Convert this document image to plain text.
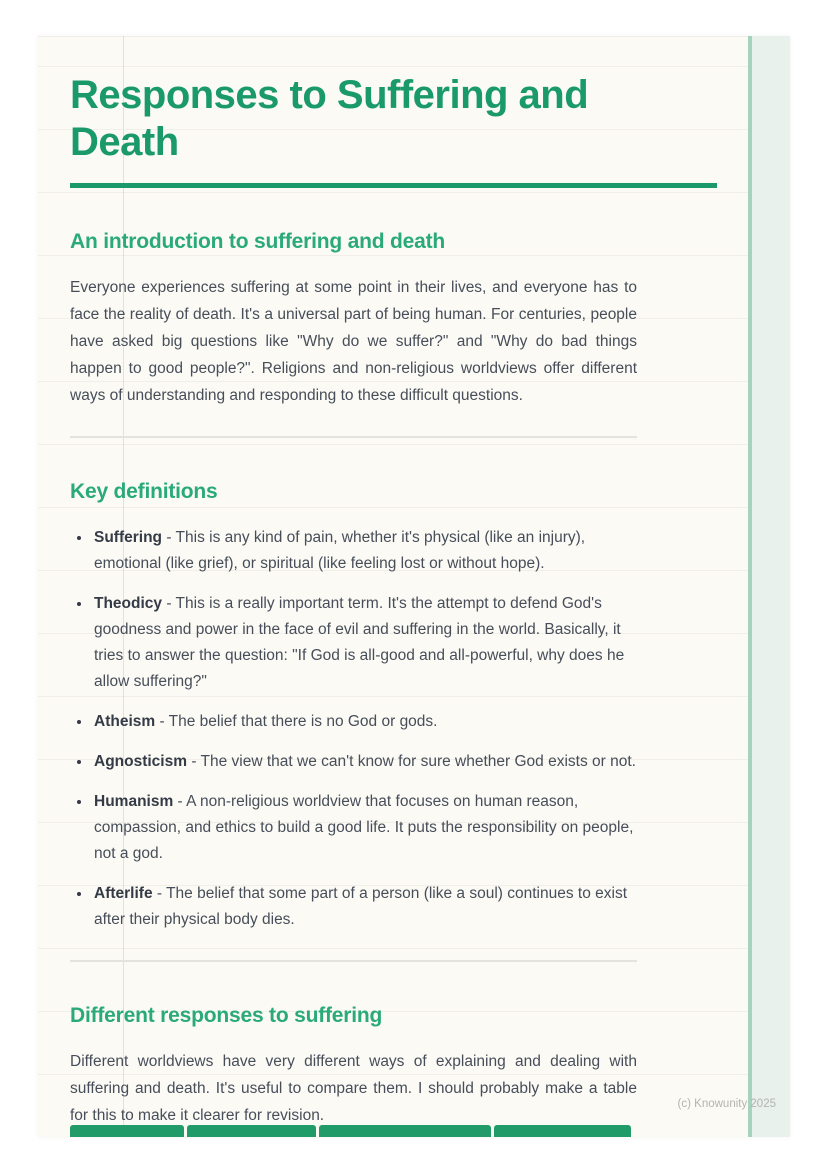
Responses to Suffering and Death
An introduction to suffering and death

Everyone experiences suffering at some point in their lives, and everyone has to face the reality of death. It's a universal part of being human. For centuries, people have asked big questions like "Why do we suffer?" and "Why do bad things happen to good people?". Religions and non-religious worldviews offer different ways of understanding and responding to these difficult questions.

Key definitions
• Suffering - This is any kind of pain, whether it's physical (like an injury), emotional (like grief), or spiritual (like feeling lost or without hope).
• Theodicy - This is a really important term. It's the attempt to defend God's goodness and power in the face of evil and suffering in the world. Basically, it tries to answer the question: "If God is all-good and all-powerful, why does he allow suffering?"
• Atheism - The belief that there is no God or gods.
• Agnosticism - The view that we can't know for sure whether God exists or not.
• Humanism - A non-religious worldview that focuses on human reason, compassion, and ethics to build a good life. It puts the responsibility on people, not a god.
• Afterlife - The belief that some part of a person (like a soul) continues to exist after their physical body dies.
Different responses to suffering

Different worldviews have very different ways of explaining and dealing with suffering and death. It's useful to compare them. I should probably make a table for this to make it clearer for revision.

(c) Knowunity 2025
